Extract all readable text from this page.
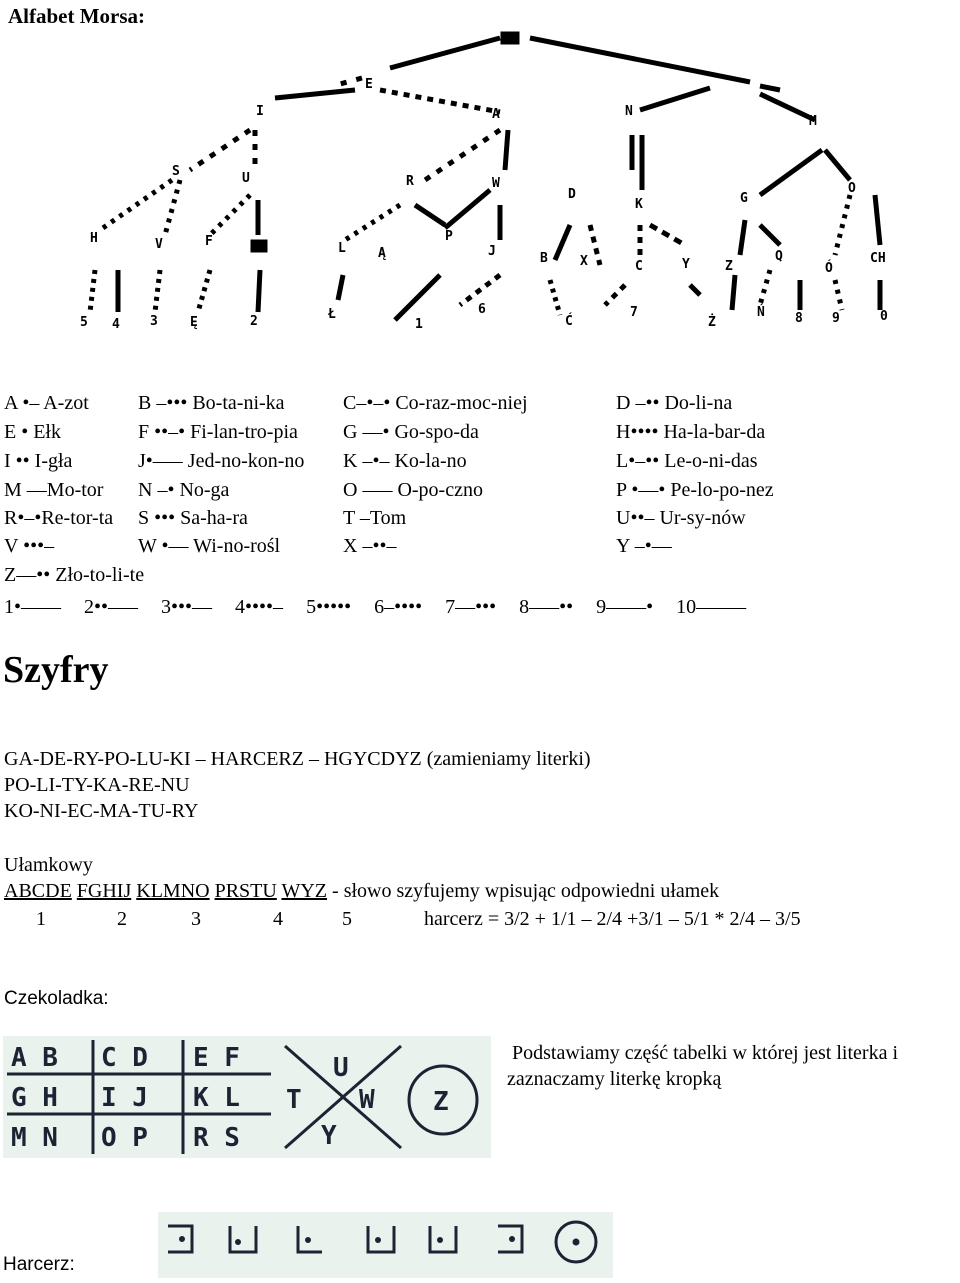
Alfabet Morsa:
E
I	A	N
M
S	U	R	W
D
K	G
O
H	V	F	L
P
J	B X	C	Y	Z
Q
Ó
CH
Ą
5 4 3 Ę	2	Ł
1
6
Ć
7
Ż
Ń 8 9	0
A •– A-zot B –••• Bo-ta-ni-ka	C–•–• Co-raz-moc-niej	D –•• Do-li-na
E • Ełk	F ••–• Fi-lan-tro-pia G ––• Go-spo-da	H•••• Ha-la-bar-da
I •• I-gła	J•––– Jed-no-kon-no K –•– Ko-la-no	L•–•• Le-o-ni-das
M ––Mo-tor N –• No-ga	O ––– O-po-czno	P •––• Pe-lo-po-nez
R•–•Re-tor-ta S ••• Sa-ha-ra	T –Tom	U••– Ur-sy-nów
V •••–	W •–– Wi-no-rośl	X –••–	Y –•––
Z––•• Zło-to-li-te
1•–––– 2••––– 3•••–– 4••••– 5••••• 6–•••• 7––••• 8–––•• 9––––• 10–––––
Szyfry
GA-DE-RY-PO-LU-KI – HARCERZ – HGYCDYZ (zamieniamy literki)
PO-LI-TY-KA-RE-NU
KO-NI-EC-MA-TU-RY
Ułamkowy
ABCDE FGHIJ KLMNO PRSTU WYZ - słowo szyfujemy wpisując odpowiedni ułamek
1	2	3	4	5	harcerz = 3/2 + 1/1 – 2/4 +3/1 – 5/1 * 2/4 – 3/5
Czekoladka:
A B C D E F
G H I J K L
M N O P R S
T
U
W
Y
Z
Podstawiamy część tabelki w której jest literka i
zaznaczamy literkę kropką
Harcerz:
